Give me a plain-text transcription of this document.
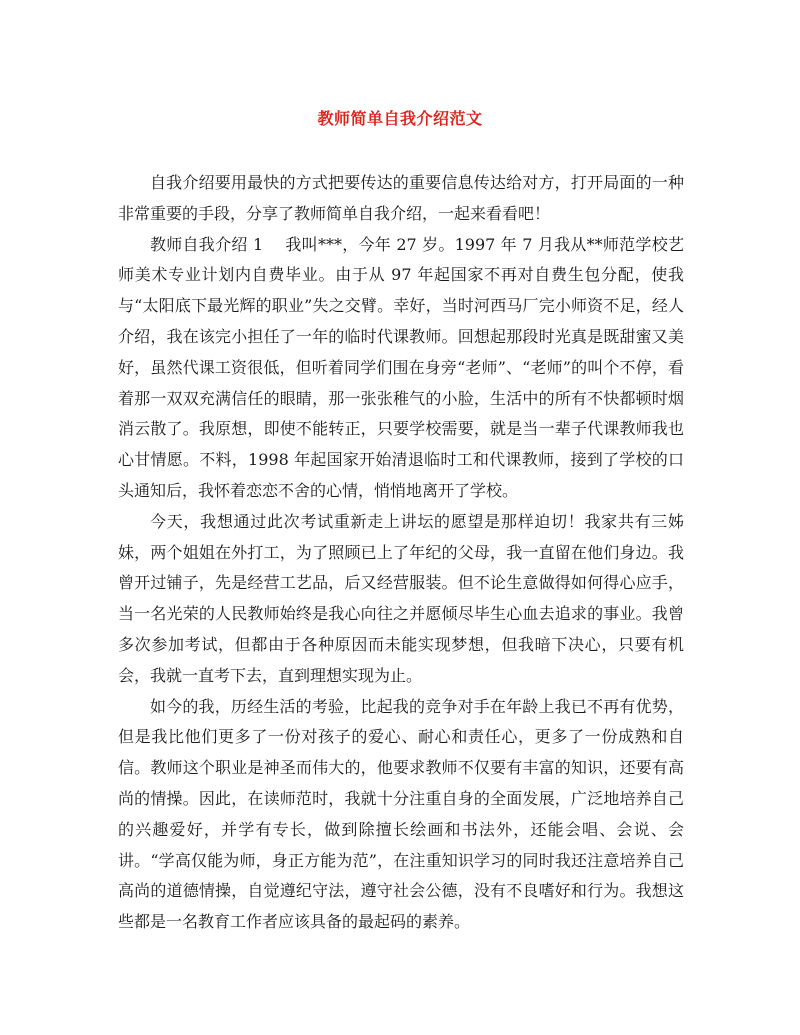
教师简单自我介绍范文

自我介绍要用最快的方式把要传达的重要信息传达给对方，打开局面的一种非常重要的手段，分享了教师简单自我介绍，一起来看看吧！

教师自我介绍 1 我叫***，今年 27 岁。1997 年 7 月我从**师范学校艺师美术专业计划内自费毕业。由于从 97 年起国家不再对自费生包分配，使我与“太阳底下最光辉的职业”失之交臂。幸好，当时河西马厂完小师资不足，经人介绍，我在该完小担任了一年的临时代课教师。回想起那段时光真是既甜蜜又美好，虽然代课工资很低，但听着同学们围在身旁“老师”、“老师”的叫个不停，看着那一双双充满信任的眼睛，那一张张稚气的小脸，生活中的所有不快都顿时烟消云散了。我原想，即使不能转正，只要学校需要，就是当一辈子代课教师我也心甘情愿。不料，1998 年起国家开始清退临时工和代课教师，接到了学校的口头通知后，我怀着恋恋不舍的心情，悄悄地离开了学校。

今天，我想通过此次考试重新走上讲坛的愿望是那样迫切！我家共有三姊妹，两个姐姐在外打工，为了照顾已上了年纪的父母，我一直留在他们身边。我曾开过铺子，先是经营工艺品，后又经营服装。但不论生意做得如何得心应手，当一名光荣的人民教师始终是我心向往之并愿倾尽毕生心血去追求的事业。我曾多次参加考试，但都由于各种原因而未能实现梦想，但我暗下决心，只要有机会，我就一直考下去，直到理想实现为止。

如今的我，历经生活的考验，比起我的竞争对手在年龄上我已不再有优势，但是我比他们更多了一份对孩子的爱心、耐心和责任心，更多了一份成熟和自信。教师这个职业是神圣而伟大的，他要求教师不仅要有丰富的知识，还要有高尚的情操。因此，在读师范时，我就十分注重自身的全面发展，广泛地培养自己的兴趣爱好，并学有专长，做到除擅长绘画和书法外，还能会唱、会说、会讲。“学高仅能为师，身正方能为范”，在注重知识学习的同时我还注意培养自己高尚的道德情操，自觉遵纪守法，遵守社会公德，没有不良嗜好和行为。我想这些都是一名教育工作者应该具备的最起码的素养。
